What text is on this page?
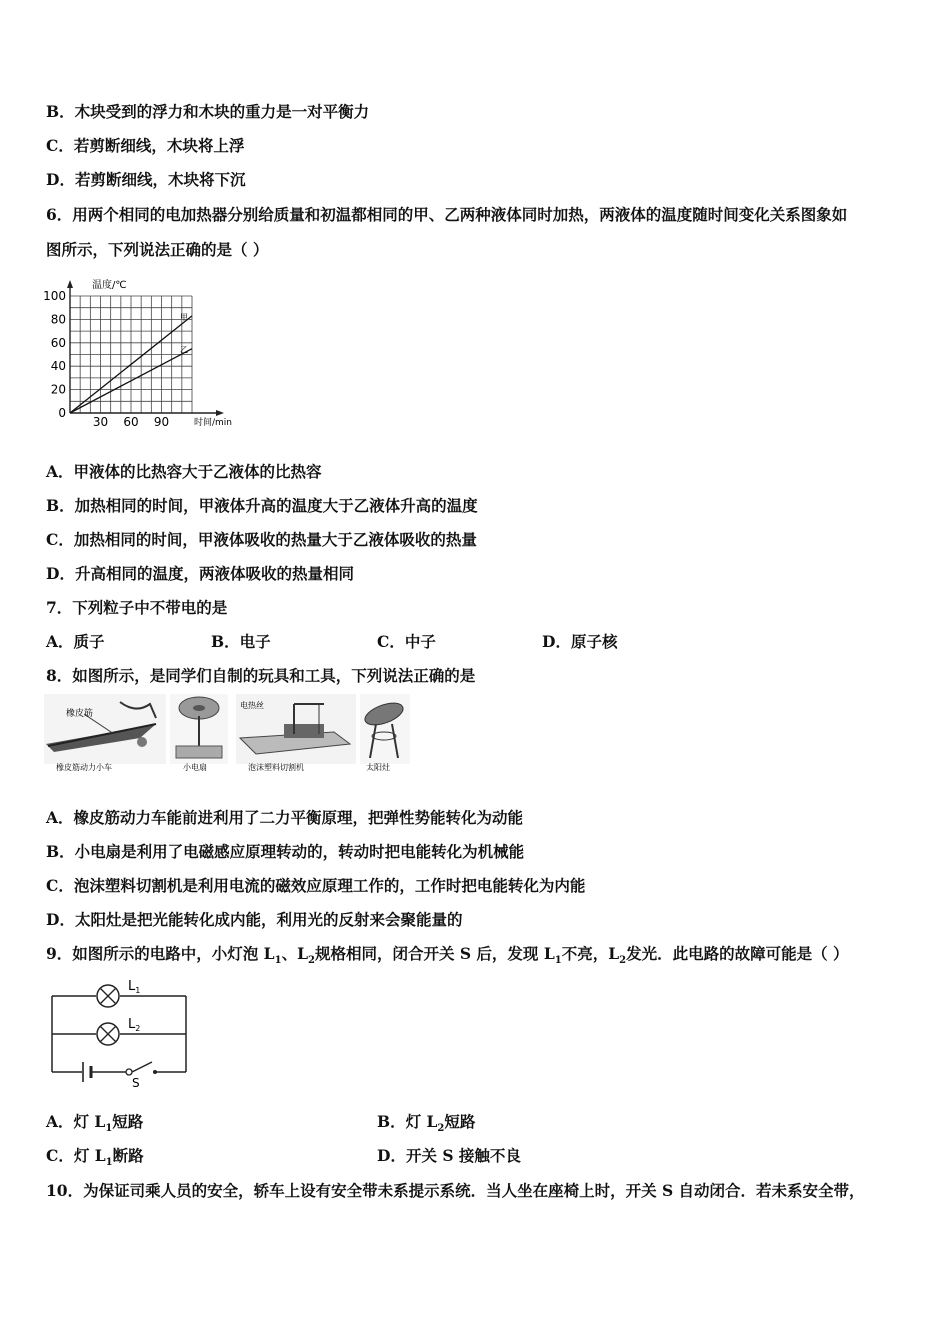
B．木块受到的浮力和木块的重力是一对平衡力
C．若剪断细线，木块将上浮
D．若剪断细线，木块将下沉
6．用两个相同的电加热器分别给质量和初温都相同的甲、乙两种液体同时加热，两液体的温度随时间变化关系图象如
图所示，下列说法正确的是（ ）
0
20
40
60
80
100
30 60 90
甲
乙
温度/℃
时间/min
A．甲液体的比热容大于乙液体的比热容
B．加热相同的时间，甲液体升高的温度大于乙液体升高的温度
C．加热相同的时间，甲液体吸收的热量大于乙液体吸收的热量
D．升高相同的温度，两液体吸收的热量相同
7．下列粒子中不带电的是
A．质子	B．电子	C．中子	D．原子核
8．如图所示，是同学们自制的玩具和工具，下列说法正确的是
橡皮筋
橡皮筋动力小车	小电扇
电热丝
泡沫塑料切割机	太阳灶
A．橡皮筋动力车能前进利用了二力平衡原理，把弹性势能转化为动能
B．小电扇是利用了电磁感应原理转动的，转动时把电能转化为机械能
C．泡沫塑料切割机是利用电流的磁效应原理工作的，工作时把电能转化为内能
D．太阳灶是把光能转化成内能，利用光的反射来会聚能量的
9．如图所示的电路中，小灯泡 $L_1$、$L_2$规格相同，闭合开关 S 后，发现 $L_1$不亮，$L_2$发光．此电路的故障可能是（ ）
$L_1$
$L_2$
S
A．灯 $L_1$短路	B．灯 $L_2$短路
C．灯 $L_1$断路	D．开关 S 接触不良
10．为保证司乘人员的安全，轿车上设有安全带未系提示系统．当人坐在座椅上时，开关 S 自动闭合．若未系安全带，
